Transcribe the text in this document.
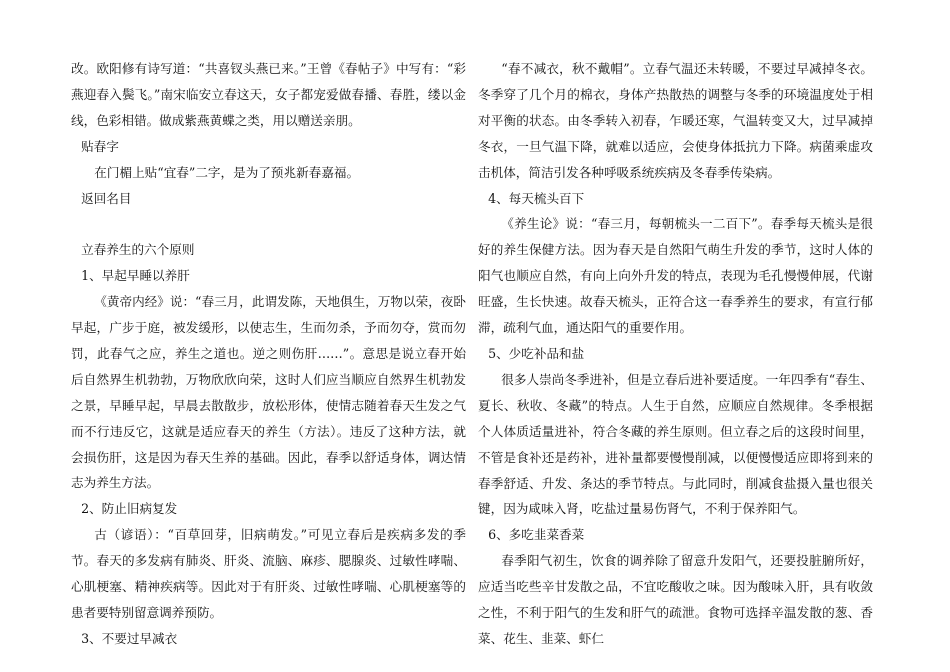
改。欧阳修有诗写道：“共喜钗头燕已来。”王曾《春帖子》中写有：“彩燕迎春入鬓飞。”南宋临安立春这天，女子都宠爱做春播、春胜，缕以金线，色彩相错。做成紫燕黄蝶之类，用以赠送亲朋。

贴春字

在门楣上贴“宜春”二字，是为了预兆新春嘉福。

返回名目

立春养生的六个原则

1、早起早睡以养肝

《黄帝内经》说：“春三月，此谓发陈，天地俱生，万物以荣，夜卧早起，广步于庭，被发缓形，以使志生，生而勿杀，予而勿夺，赏而勿罚，此春气之应，养生之道也。逆之则伤肝……”。意思是说立春开始后自然界生机勃勃，万物欣欣向荣，这时人们应当顺应自然界生机勃发之景，早睡早起，早晨去散散步，放松形体，使情志随着春天生发之气而不行违反它，这就是适应春天的养生（方法）。违反了这种方法，就会损伤肝，这是因为春天生养的基础。因此，春季以舒适身体，调达情志为养生方法。

2、防止旧病复发

古（谚语）：“百草回芽，旧病萌发。”可见立春后是疾病多发的季节。春天的多发病有肺炎、肝炎、流脑、麻疹、腮腺炎、过敏性哮喘、心肌梗塞、精神疾病等。因此对于有肝炎、过敏性哮喘、心肌梗塞等的患者要特别留意调养预防。

3、不要过早减衣

“春不减衣，秋不戴帽”。立春气温还未转暖，不要过早减掉冬衣。冬季穿了几个月的棉衣，身体产热散热的调整与冬季的环境温度处于相对平衡的状态。由冬季转入初春，乍暖还寒，气温转变又大，过早减掉冬衣，一旦气温下降，就难以适应，会使身体抵抗力下降。病菌乘虚攻击机体，简洁引发各种呼吸系统疾病及冬春季传染病。

4、每天梳头百下

《养生论》说：“春三月，每朝梳头一二百下”。春季每天梳头是很好的养生保健方法。因为春天是自然阳气萌生升发的季节，这时人体的阳气也顺应自然，有向上向外升发的特点，表现为毛孔慢慢伸展，代谢旺盛，生长快速。故春天梳头，正符合这一春季养生的要求，有宣行郁滞，疏利气血，通达阳气的重要作用。

5、少吃补品和盐

很多人崇尚冬季进补，但是立春后进补要适度。一年四季有“春生、夏长、秋收、冬藏”的特点。人生于自然，应顺应自然规律。冬季根据个人体质适量进补，符合冬藏的养生原则。但立春之后的这段时间里，不管是食补还是药补，进补量都要慢慢削减，以便慢慢适应即将到来的春季舒适、升发、条达的季节特点。与此同时，削减食盐摄入量也很关键，因为咸味入肾，吃盐过量易伤肾气，不利于保养阳气。

6、多吃韭菜香菜

春季阳气初生，饮食的调养除了留意升发阳气，还要投脏腑所好，应适当吃些辛甘发散之品，不宜吃酸收之味。因为酸味入肝，具有收敛之性，不利于阳气的生发和肝气的疏泄。食物可选择辛温发散的葱、香菜、花生、韭菜、虾仁
